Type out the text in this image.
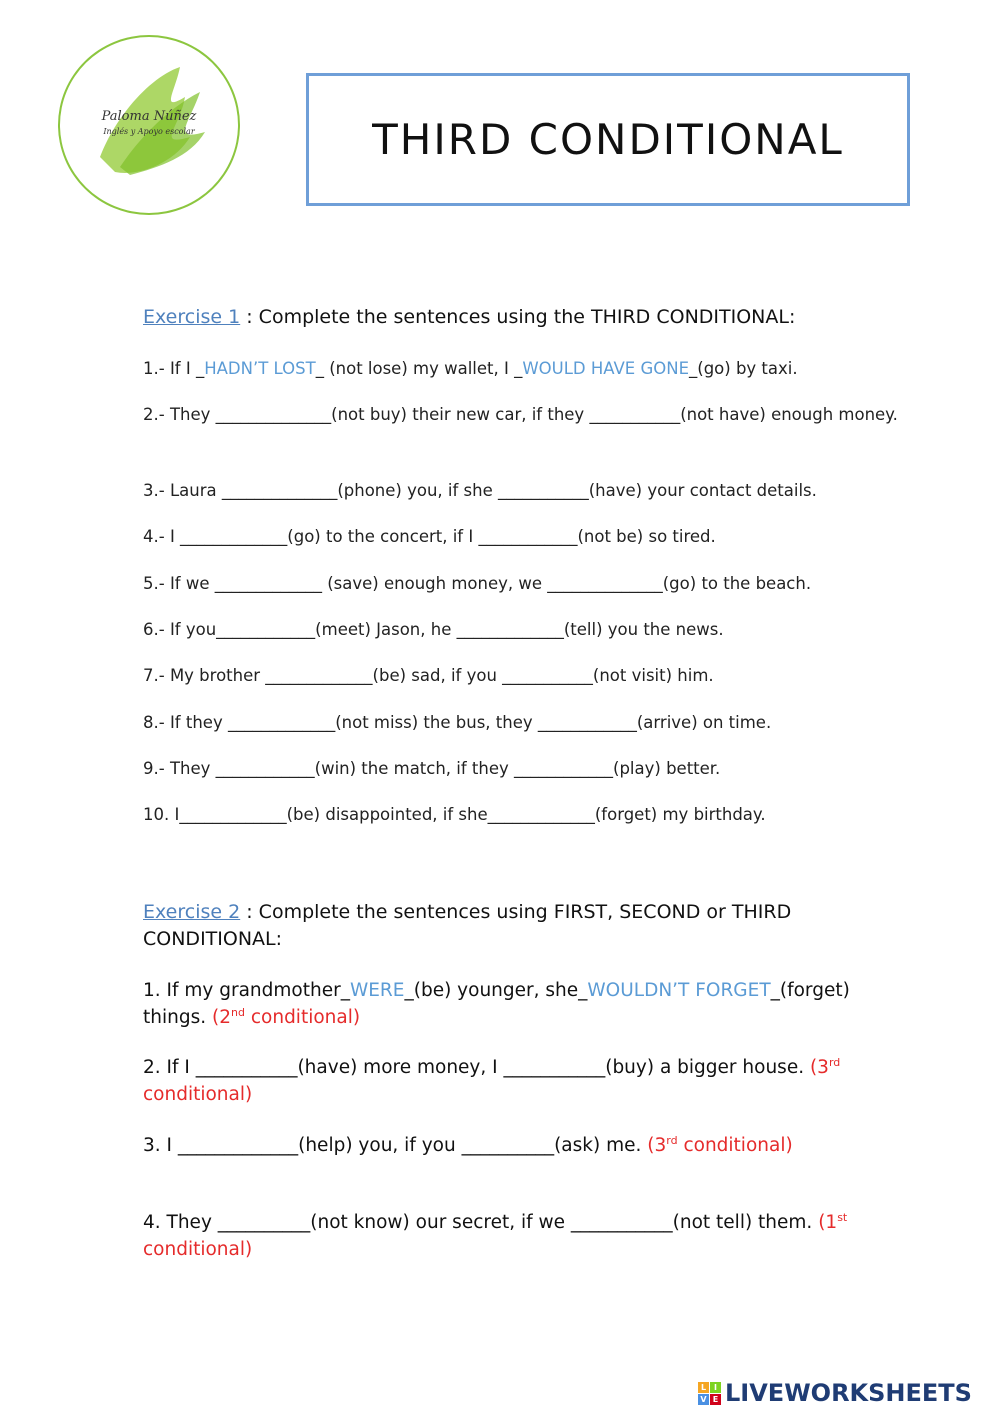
Paloma Núñez
Inglés y Apoyo escolar	THIRD CONDITIONAL
Exercise 1 : Complete the sentences using the THIRD CONDITIONAL:
1.- If I _HADN’T LOST_ (not lose) my wallet, I _WOULD HAVE GONE_(go) by taxi.
2.- They ______________(not buy) their new car, if they ___________(not have) enough money.
3.- Laura ______________(phone) you, if she ___________(have) your contact details.
4.- I _____________(go) to the concert, if I ____________(not be) so tired.
5.- If we _____________ (save) enough money, we ______________(go) to the beach.
6.- If you____________(meet) Jason, he _____________(tell) you the news.
7.- My brother _____________(be) sad, if you ___________(not visit) him.
8.- If they _____________(not miss) the bus, they ____________(arrive) on time.
9.- They ____________(win) the match, if they ____________(play) better.
10. I_____________(be) disappointed, if she_____________(forget) my birthday.
Exercise 2 : Complete the sentences using FIRST, SECOND or THIRD CONDITIONAL:
1. If my grandmother_WERE_(be) younger, she_WOULDN’T FORGET_(forget) things. (2nd conditional)
2. If I ___________(have) more money, I ___________(buy) a bigger house. (3rd conditional)
3. I _____________(help) you, if you __________(ask) me. (3rd conditional)
4. They __________(not know) our secret, if we ___________(not tell) them. (1st conditional)
L I
V E LIVEWORKSHEETS
